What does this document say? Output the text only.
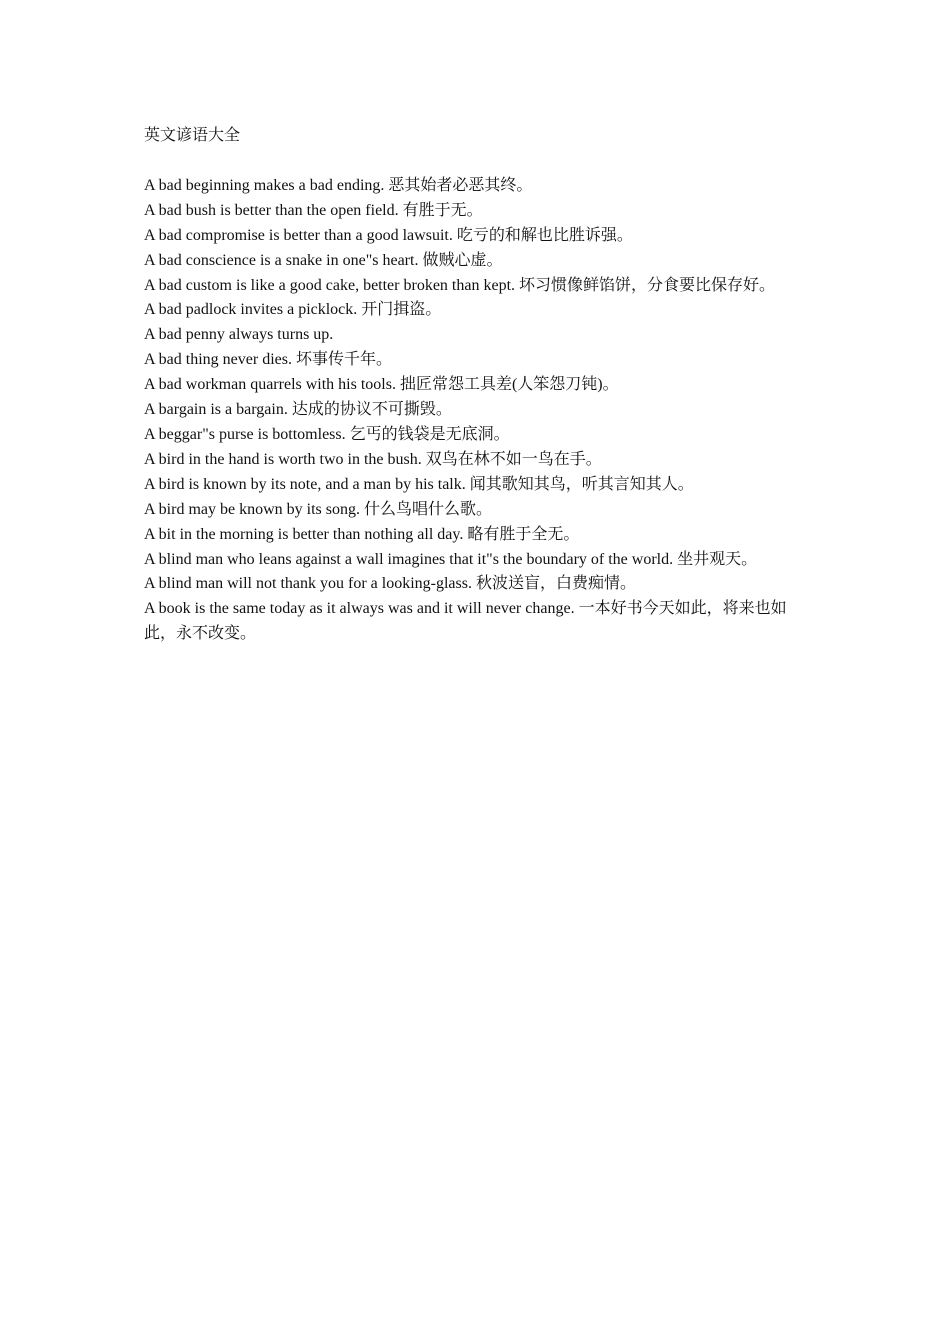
英文谚语大全
A bad beginning makes a bad ending. 恶其始者必恶其终。
A bad bush is better than the open field. 有胜于无。
A bad compromise is better than a good lawsuit. 吃亏的和解也比胜诉强。
A bad conscience is a snake in one"s heart. 做贼心虚。
A bad custom is like a good cake, better broken than kept. 坏习惯像鲜馅饼，分食要比保存好。
A bad padlock invites a picklock. 开门揖盗。
A bad penny always turns up.
A bad thing never dies. 坏事传千年。
A bad workman quarrels with his tools. 拙匠常怨工具差(人笨怨刀钝)。
A bargain is a bargain. 达成的协议不可撕毁。
A beggar"s purse is bottomless. 乞丐的钱袋是无底洞。
A bird in the hand is worth two in the bush. 双鸟在林不如一鸟在手。
A bird is known by its note, and a man by his talk. 闻其歌知其鸟，听其言知其人。
A bird may be known by its song. 什么鸟唱什么歌。
A bit in the morning is better than nothing all day. 略有胜于全无。
A blind man who leans against a wall imagines that it"s the boundary of the world. 坐井观天。
A blind man will not thank you for a looking-glass. 秋波送盲，白费痴情。
A book is the same today as it always was and it will never change. 一本好书今天如此，将来也如此，永不改变。
